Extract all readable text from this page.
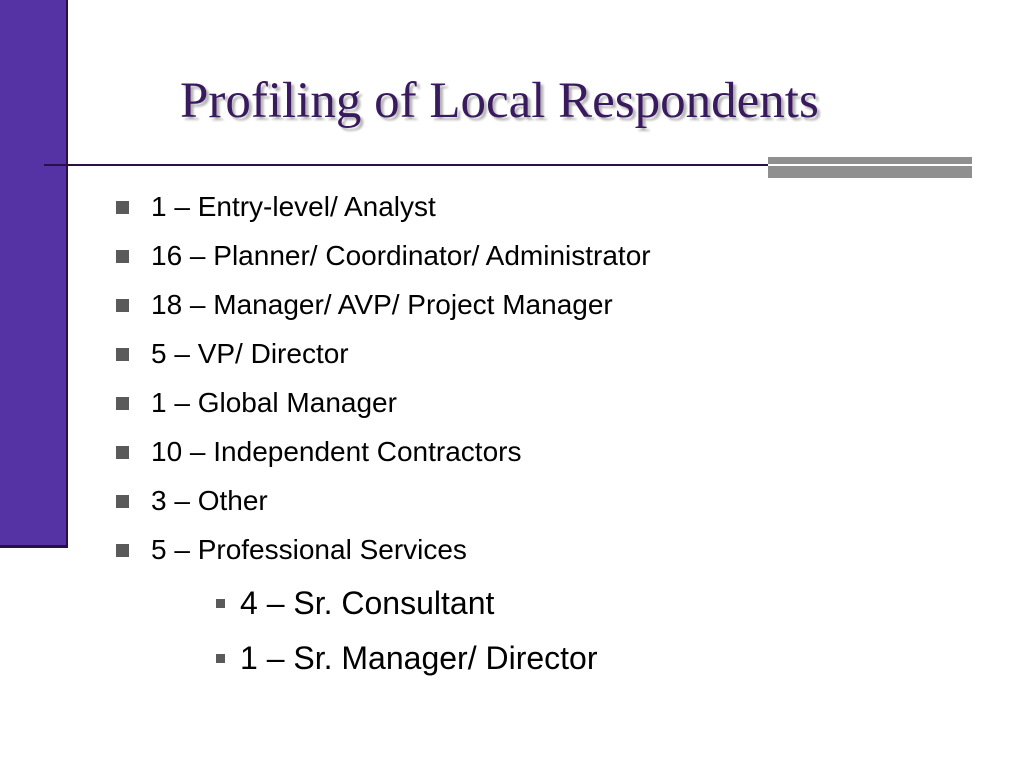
Profiling of Local Respondents
1 – Entry-level/ Analyst
16 – Planner/ Coordinator/ Administrator
18 – Manager/ AVP/ Project Manager
5 – VP/ Director
1 – Global Manager
10 – Independent Contractors
3 – Other
5 – Professional Services
4 – Sr. Consultant
1 – Sr. Manager/ Director
